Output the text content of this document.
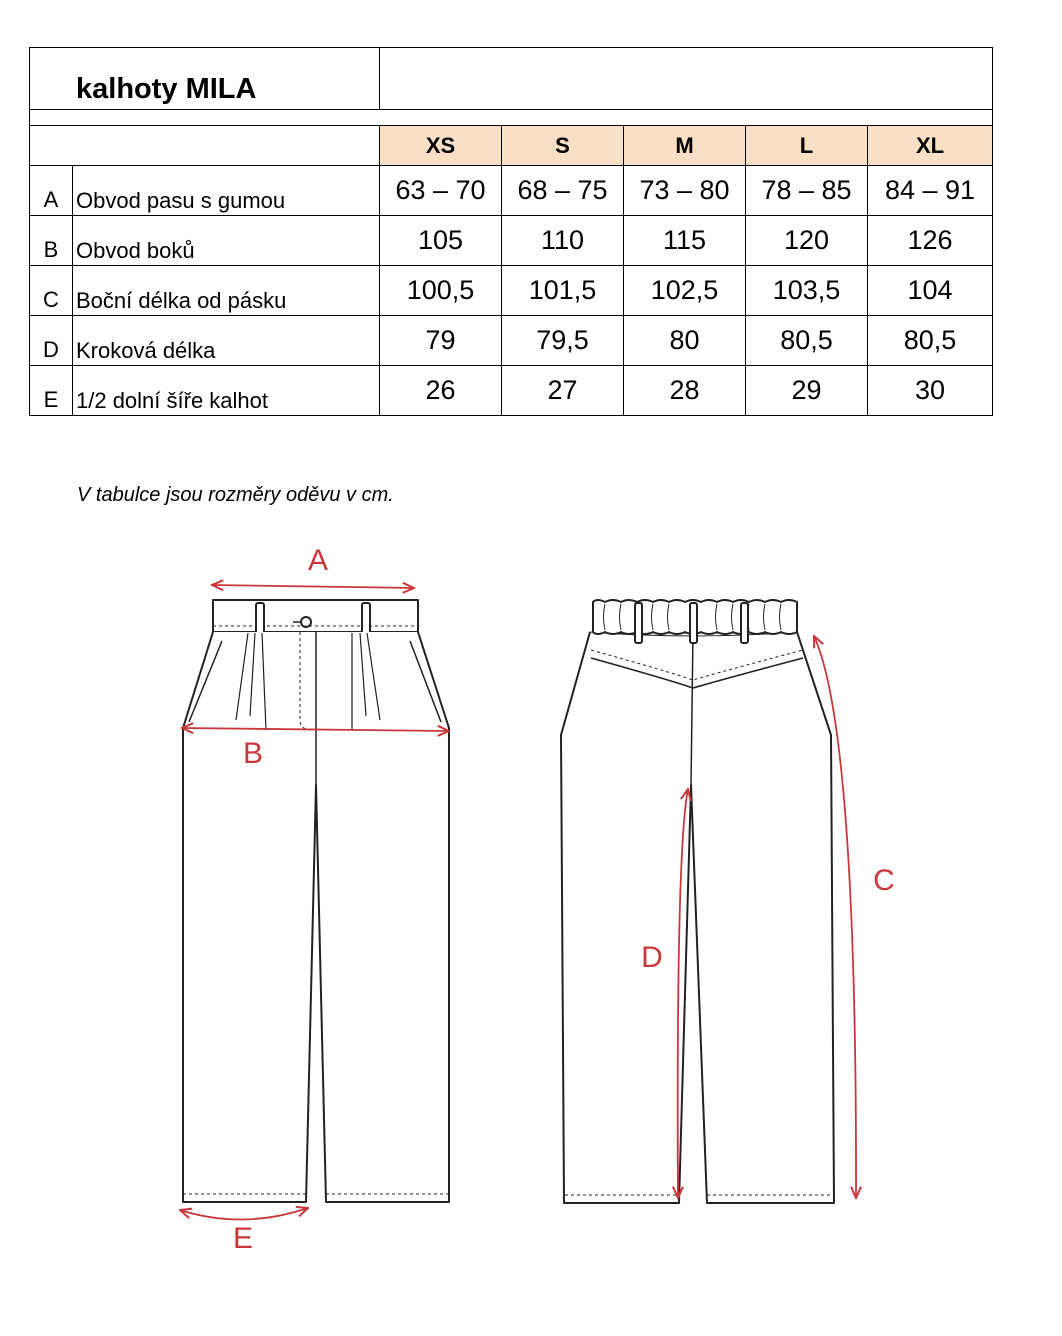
kalhoty MILA						

		XS	S	M	L	XL
A	Obvod pasu s gumou	63 – 70	68 – 75	73 – 80	78 – 85	84 – 91
B	Obvod boků	105	110	115	120	126
C	Boční délka od pásku	100,5	101,5	102,5	103,5	104
D	Kroková délka	79	79,5	80	80,5	80,5
E	1/2 dolní šíře kalhot	26	27	28	29	30
V tabulce jsou rozměry oděvu v cm.
A
B
E
C
D
